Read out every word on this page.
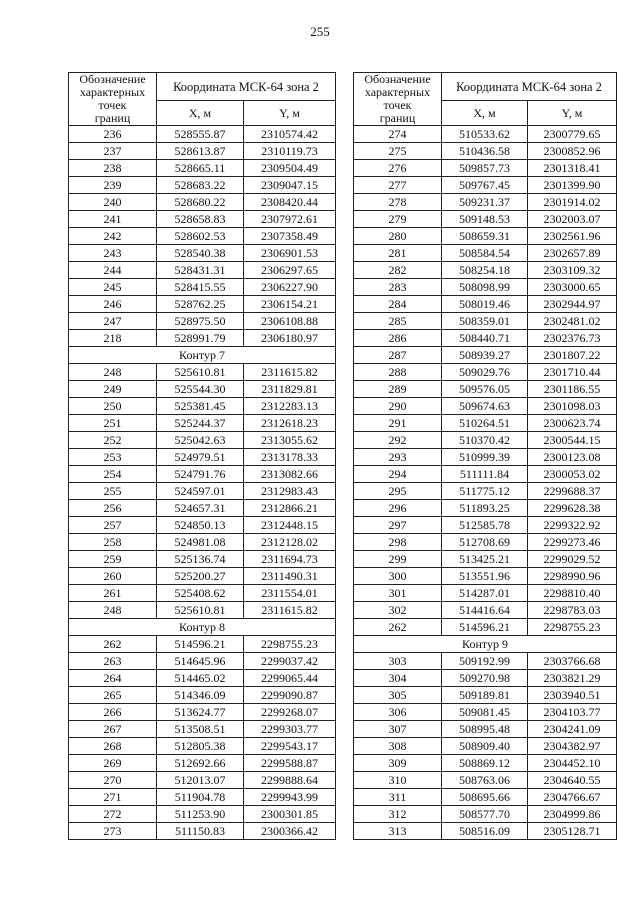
255
Обозначение
характерных
точек
границ	Координата МСК-64 зона 2	
	X, м	Y, м
236	528555.87	2310574.42
237	528613.87	2310119.73
238	528665.11	2309504.49
239	528683.22	2309047.15
240	528680.22	2308420.44
241	528658.83	2307972.61
242	528602.53	2307358.49
243	528540.38	2306901.53
244	528431.31	2306297.65
245	528415.55	2306227.90
246	528762.25	2306154.21
247	528975.50	2306108.88
218	528991.79	2306180.97
Контур 7		
248	525610.81	2311615.82
249	525544.30	2311829.81
250	525381.45	2312283.13
251	525244.37	2312618.23
252	525042.63	2313055.62
253	524979.51	2313178.33
254	524791.76	2313082.66
255	524597.01	2312983.43
256	524657.31	2312866.21
257	524850.13	2312448.15
258	524981.08	2312128.02
259	525136.74	2311694.73
260	525200.27	2311490.31
261	525408.62	2311554.01
248	525610.81	2311615.82
Контур 8		
262	514596.21	2298755.23
263	514645.96	2299037.42
264	514465.02	2299065.44
265	514346.09	2299090.87
266	513624.77	2299268.07
267	513508.51	2299303.77
268	512805.38	2299543.17
269	512692.66	2299588.87
270	512013.07	2299888.64
271	511904.78	2299943.99
272	511253.90	2300301.85
273	511150.83	2300366.42
Обозначение
характерных
точек
границ	Координата МСК-64 зона 2	
	X, м	Y, м
274	510533.62	2300779.65
275	510436.58	2300852.96
276	509857.73	2301318.41
277	509767.45	2301399.90
278	509231.37	2301914.02
279	509148.53	2302003.07
280	508659.31	2302561.96
281	508584.54	2302657.89
282	508254.18	2303109.32
283	508098.99	2303000.65
284	508019.46	2302944.97
285	508359.01	2302481.02
286	508440.71	2302376.73
287	508939.27	2301807.22
288	509029.76	2301710.44
289	509576.05	2301186.55
290	509674.63	2301098.03
291	510264.51	2300623.74
292	510370.42	2300544.15
293	510999.39	2300123.08
294	511111.84	2300053.02
295	511775.12	2299688.37
296	511893.25	2299628.38
297	512585.78	2299322.92
298	512708.69	2299273.46
299	513425.21	2299029.52
300	513551.96	2298990.96
301	514287.01	2298810.40
302	514416.64	2298783.03
262	514596.21	2298755.23
Контур 9		
303	509192.99	2303766.68
304	509270.98	2303821.29
305	509189.81	2303940.51
306	509081.45	2304103.77
307	508995.48	2304241.09
308	508909.40	2304382.97
309	508869.12	2304452.10
310	508763.06	2304640.55
311	508695.66	2304766.67
312	508577.70	2304999.86
313	508516.09	2305128.71
